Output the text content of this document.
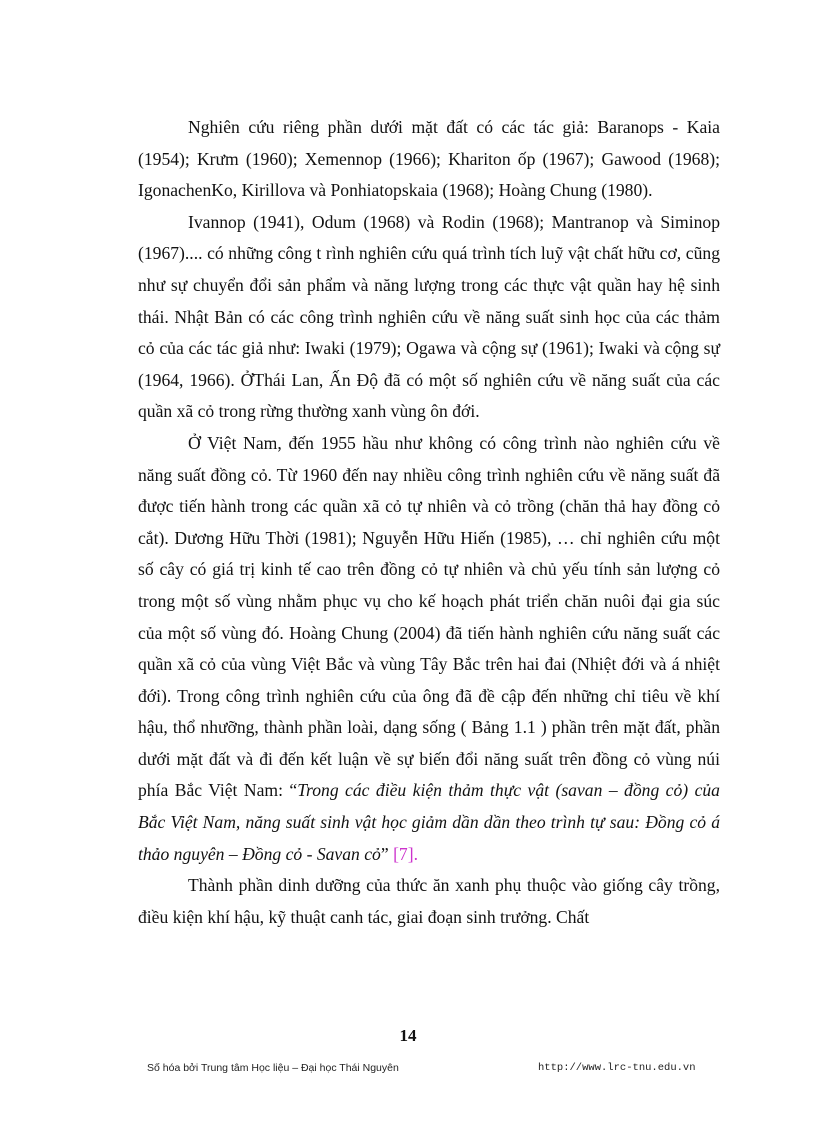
Nghiên cứu riêng phần dưới mặt đất có các tác giả: Baranops - Kaia (1954); Krưm (1960); Xemennop (1966); Khariton ốp (1967); Gawood (1968); IgonachenKo, Kirillova và Ponhiatopskaia (1968); Hoàng Chung (1980).

Ivannop (1941), Odum (1968) và Rodin (1968); Mantranop và Siminop (1967).... có những công t rình nghiên cứu quá trình tích luỹ vật chất hữu cơ, cũng như sự chuyển đổi sản phẩm và năng lượng trong các thực vật quần hay hệ sinh thái. Nhật Bản có các công trình nghiên cứu về năng suất sinh học của các thảm cỏ của các tác giả như: Iwaki (1979); Ogawa và cộng sự (1961); Iwaki và cộng sự (1964, 1966). ỞThái Lan, Ấn Độ đã có một số nghiên cứu về năng suất của các quần xã cỏ trong rừng thường xanh vùng ôn đới.

Ở Việt Nam, đến 1955 hầu như không có công trình nào nghiên cứu về năng suất đồng cỏ. Từ 1960 đến nay nhiều công trình nghiên cứu về năng suất đã được tiến hành trong các quần xã cỏ tự nhiên và cỏ trồng (chăn thả hay đồng cỏ cắt). Dương Hữu Thời (1981); Nguyễn Hữu Hiến (1985), … chỉ nghiên cứu một số cây có giá trị kinh tế cao trên đồng cỏ tự nhiên và chủ yếu tính sản lượng cỏ trong một số vùng nhằm phục vụ cho kế hoạch phát triển chăn nuôi đại gia súc của một số vùng đó. Hoàng Chung (2004) đã tiến hành nghiên cứu năng suất các quần xã cỏ của vùng Việt Bắc và vùng Tây Bắc trên hai đai (Nhiệt đới và á nhiệt đới). Trong công trình nghiên cứu của ông đã đề cập đến những chỉ tiêu về khí hậu, thổ nhưỡng, thành phần loài, dạng sống ( Bảng 1.1 ) phần trên mặt đất, phần dưới mặt đất và đi đến kết luận về sự biến đổi năng suất trên đồng cỏ vùng núi phía Bắc Việt Nam: “Trong các điều kiện thảm thực vật (savan – đồng cỏ) của Bắc Việt Nam, năng suất sinh vật học giảm dần dần theo trình tự sau: Đồng cỏ á thảo nguyên – Đồng cỏ - Savan cỏ” [7].

Thành phần dinh dưỡng của thức ăn xanh phụ thuộc vào giống cây trồng, điều kiện khí hậu, kỹ thuật canh tác, giai đoạn sinh trưởng. Chất

14
Số hóa bởi Trung tâm Học liệu – Đại học Thái Nguyên	http://www.lrc-tnu.edu.vn
